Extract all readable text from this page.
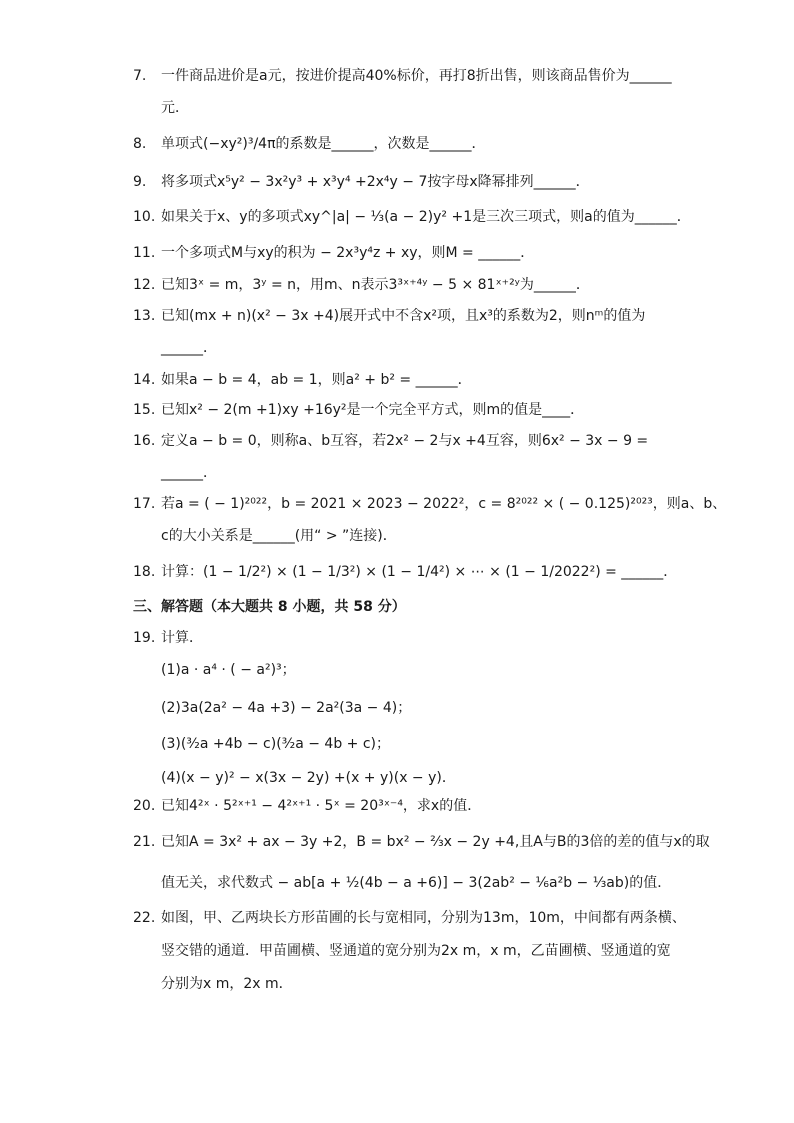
7.	一件商品进价是a元，按进价提高40%标价，再打8折出售，则该商品售价为______
元．
8.	单项式(−xy²)³/4π的系数是______，次数是______．
9.	将多项式x⁵y² − 3x²y³ + x³y⁴ +2x⁴y − 7按字母x降幂排列______．
10. 如果关于x、y的多项式xy^|a| − ⅓(a − 2)y² +1是三次三项式，则a的值为______．
11. 一个多项式M与xy的积为 − 2x³y⁴z + xy，则M = ______．
12. 已知3ˣ = m，3ʸ = n，用m、n表示3³ˣ⁺⁴ʸ − 5 × 81ˣ⁺²ʸ为______．
13. 已知(mx + n)(x² − 3x +4)展开式中不含x²项，且x³的系数为2，则nᵐ的值为
______．
14. 如果a − b = 4，ab = 1，则a² + b² = ______．
15. 已知x² − 2(m +1)xy +16y²是一个完全平方式，则m的值是____．
16. 定义a − b = 0，则称a、b互容，若2x² − 2与x +4互容，则6x² − 3x − 9 =
______．
17. 若a = ( − 1)²⁰²²，b = 2021 × 2023 − 2022²，c = 8²⁰²² × ( − 0.125)²⁰²³，则a、b、
c的大小关系是______(用“ > ”连接)．
18. 计算：(1 − 1/2²) × (1 − 1/3²) × (1 − 1/4²) × ⋯ × (1 − 1/2022²) = ______．
三、解答题（本大题共 8 小题，共 58 分）
19. 计算．
(1)a · a⁴ · ( − a²)³；
(2)3a(2a² − 4a +3) − 2a²(3a − 4)；
(3)(³⁄₂a +4b − c)(³⁄₂a − 4b + c)；
(4)(x − y)² − x(3x − 2y) +(x + y)(x − y)．
20. 已知4²ˣ · 5²ˣ⁺¹ − 4²ˣ⁺¹ · 5ˣ = 20³ˣ⁻⁴，求x的值．
21. 已知A = 3x² + ax − 3y +2，B = bx² − ⅔x − 2y +4,且A与B的3倍的差的值与x的取
值无关，求代数式 − ab[a + ½(4b − a +6)] − 3(2ab² − ⅙a²b − ⅓ab)的值．
22. 如图，甲、乙两块长方形苗圃的长与宽相同，分别为13m，10m，中间都有两条横、
竖交错的通道．甲苗圃横、竖通道的宽分别为2x m，x m，乙苗圃横、竖通道的宽
分别为x m，2x m．
